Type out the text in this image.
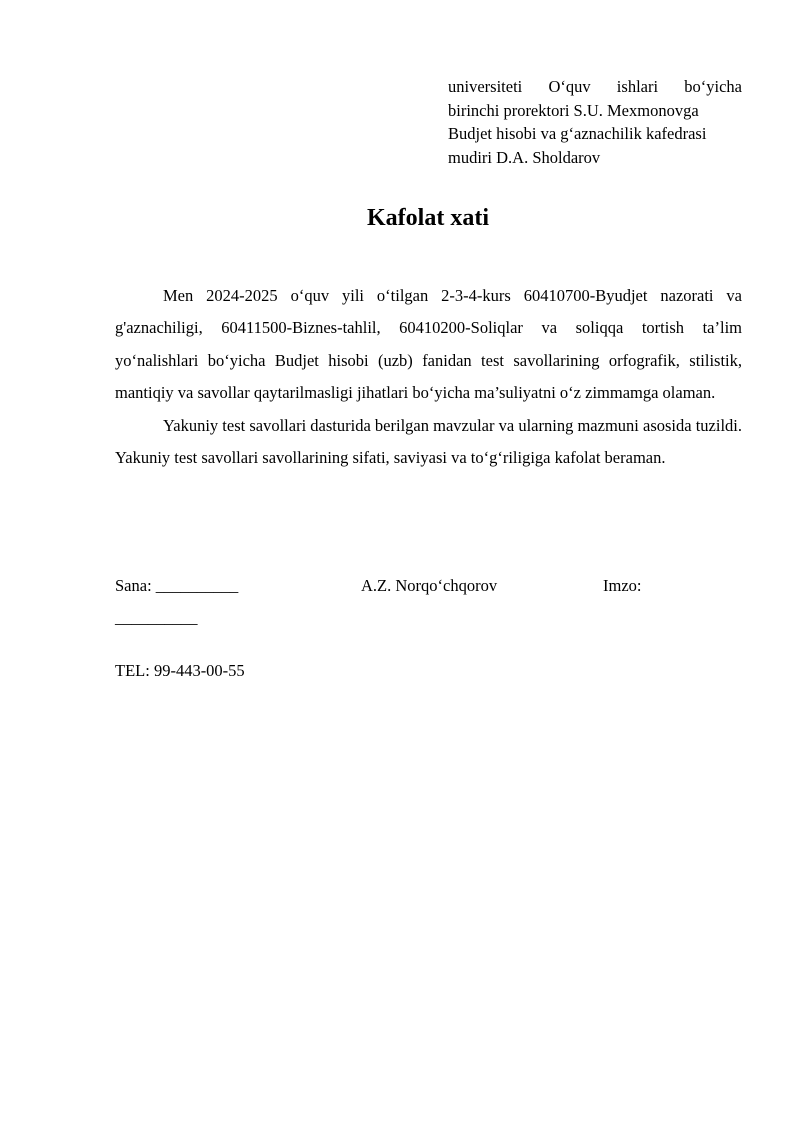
universiteti O‘quv ishlari bo‘yicha
birinchi prorektori S.U. Mexmonovga
Budjet hisobi va g‘aznachilik kafedrasi
mudiri D.A. Sholdarov
Kafolat xati

Men 2024-2025 o‘quv yili o‘tilgan 2-3-4-kurs 60410700-Byudjet nazorati va g'aznachiligi, 60411500-Biznes-tahlil, 60410200-Soliqlar va soliqqa tortish ta’lim yo‘nalishlari bo‘yicha Budjet hisobi (uzb) fanidan test savollarining orfografik, stilistik, mantiqiy va savollar qaytarilmasligi jihatlari bo‘yicha ma’suliyatni o‘z zimmamga olaman.

Yakuniy test savollari dasturida berilgan mavzular va ularning mazmuni asosida tuzildi. Yakuniy test savollari savollarining sifati, saviyasi va to‘g‘riligiga kafolat beraman.

Sana: __________	A.Z. Norqo‘chqorov	Imzo:
__________
TEL: 99-443-00-55
